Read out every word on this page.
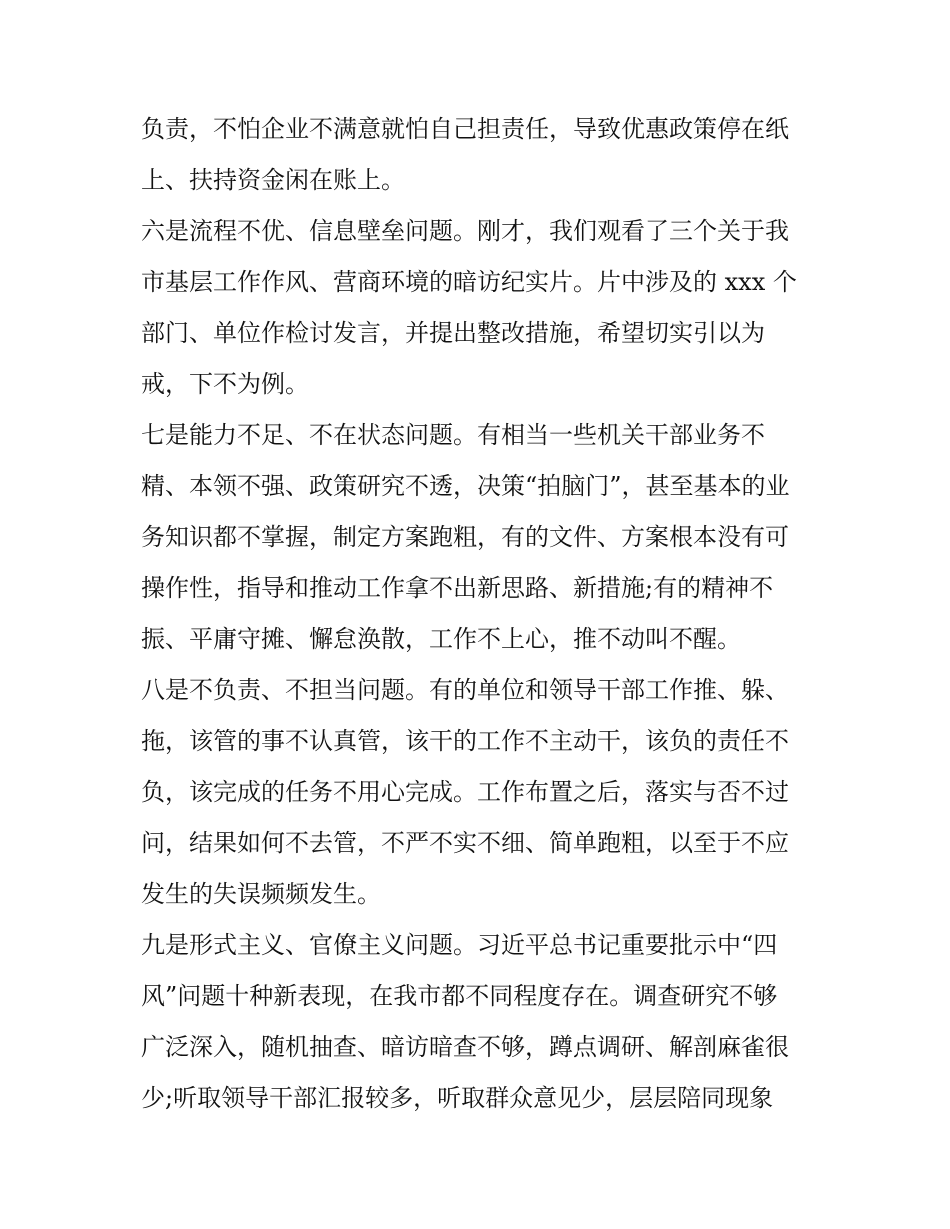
负责，不怕企业不满意就怕自己担责任，导致优惠政策停在纸
上、扶持资金闲在账上。
六是流程不优、信息壁垒问题。刚才，我们观看了三个关于我
市基层工作作风、营商环境的暗访纪实片。片中涉及的 xxx 个
部门、单位作检讨发言，并提出整改措施，希望切实引以为
戒，下不为例。
七是能力不足、不在状态问题。有相当一些机关干部业务不
精、本领不强、政策研究不透，决策“拍脑门”，甚至基本的业
务知识都不掌握，制定方案跑粗，有的文件、方案根本没有可
操作性，指导和推动工作拿不出新思路、新措施;有的精神不
振、平庸守摊、懈怠涣散，工作不上心，推不动叫不醒。
八是不负责、不担当问题。有的单位和领导干部工作推、躲、
拖，该管的事不认真管，该干的工作不主动干，该负的责任不
负，该完成的任务不用心完成。工作布置之后，落实与否不过
问，结果如何不去管，不严不实不细、简单跑粗，以至于不应
发生的失误频频发生。
九是形式主义、官僚主义问题。习近平总书记重要批示中“四
风”问题十种新表现，在我市都不同程度存在。调查研究不够
广泛深入，随机抽查、暗访暗查不够，蹲点调研、解剖麻雀很
少;听取领导干部汇报较多，听取群众意见少，层层陪同现象
